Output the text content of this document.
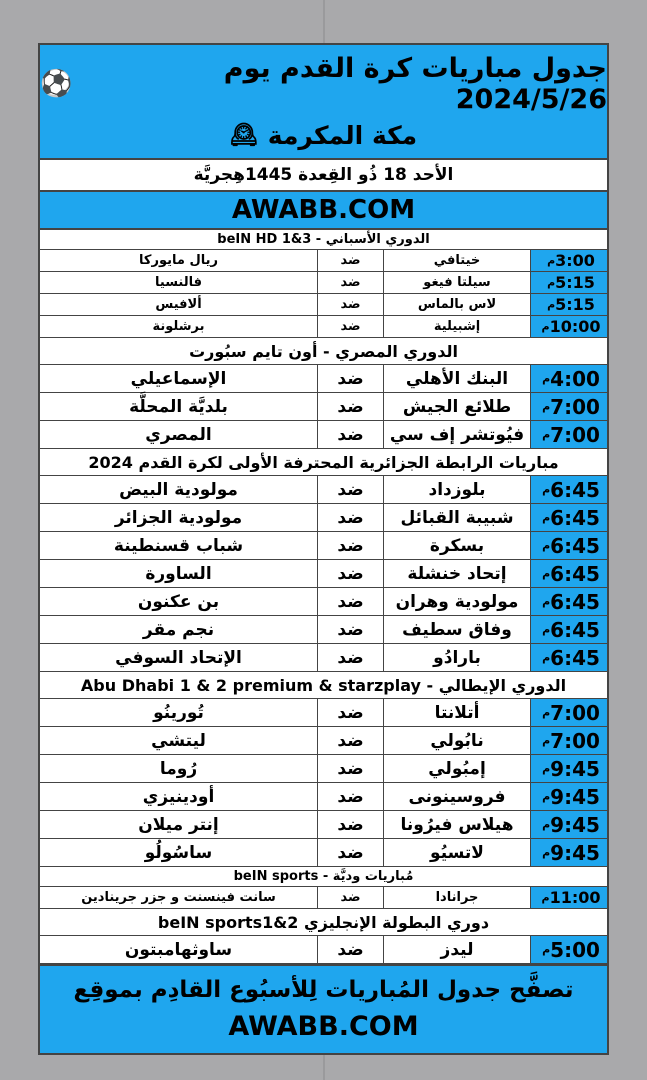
جدول مباريات كرة القدم يوم 2024/5/26
⚽
مكة المكرمة
🕰
الأحد 18 ذُو القِعدة 1445هِجريَّة
AWABB.COM
الدوري الأسباني - beIN HD 1&3
3:00
م
خيتافي
ضد
ريال مايوركا
5:15
م
سيلتا فيغو
ضد
فالنسيا
5:15
م
لاس بالماس
ضد
ألافيس
10:00
م
إشبيلية
ضد
برشلونة
الدوري المصري - أون تايم سبُورت
4:00
م
البنك الأهلي
ضد
الإسماعيلي
7:00
م
طلائع الجيش
ضد
بلديَّة المحلَّة
7:00
م
فيُوتشر إف سي
ضد
المصري
مباريات الرابطة الجزائرية المحترفة الأولى لكرة القدم 2024
6:45
م
بلوزداد
ضد
مولودية البيض
6:45
م
شبيبة القبائل
ضد
مولودية الجزائر
6:45
م
بسكرة
ضد
شباب قسنطينة
6:45
م
إتحاد خنشلة
ضد
الساورة
6:45
م
مولودية وهران
ضد
بن عكنون
6:45
م
وفاق سطيف
ضد
نجم مقر
6:45
م
بارادُو
ضد
الإتحاد السوفي
الدوري الإيطالي - Abu Dhabi 1 & 2 premium & starzplay
7:00
م
أتلانتا
ضد
تُورينُو
7:00
م
نابُولي
ضد
ليتشي
9:45
م
إمبُولي
ضد
رُوما
9:45
م
فروسينونى
ضد
أودينيزي
9:45
م
هيلاس فيرُونا
ضد
إنتر ميلان
9:45
م
لاتسيُو
ضد
ساسُولُو
مُباريات وديَّة - beIN sports
11:00
م
جرانادا
ضد
سانت فينسنت و جزر جرينادين
دوري البطولة الإنجليزي beIN sports1&2
5:00
م
ليدز
ضد
ساوثهامبتون
تصفَّح جدول المُباريات لِلأسبُوع القادِم بموقِع
AWABB.COM
